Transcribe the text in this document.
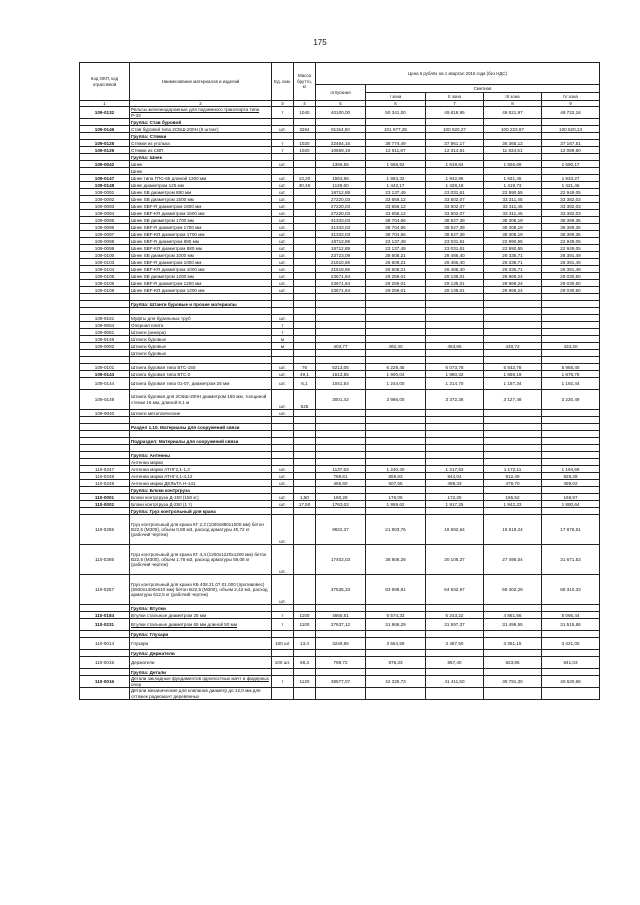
175
Код ОКП, код отраслевой	Наименование материалов и изделий	Ед. изм.	Масса брутто, кг	Цена в рублях на 1 квартал 2016 года (без НДС)				
				отпускная	Сметная			
					I зона	II зона	III зона	IV зона
1	2	3	4	5	6	7	8	9
109-0132	Рельсы железнодорожные для подземного транспорта типа Р-33	т	1040	40100,00	50 341,00	49 818,95	49 521,97	49 722,16
	Группа: Став буровой							
109-0146	Став буровой типа 2СБШ-200Н (6 штанг)	шт.	3264	81154,50	101 677,35	100 620,27	100 223,67	100 620,13
	Группа: Стяжки							
109-0125	Стяжки из уголька	т	1020	32464,16	38 774,49	37 861,17	36 365,12	37 167,51
109-0126	Стяжки из СВП	т	1020	10559,19	12 611,87	12 314,81	11 834,51	12 089,80
	Группа: Шнек							
109-0042	Шнек	шт.		1368,55	1 658,92	1 619,84	1 556,69	1 590,17
	Шнек							
109-0147	Шнек типа ГПС-65 длиной 1300 мм	шт.	13,20	1563,96	1 963,32	1 942,95	1 931,45	1 933,27
109-0148	Шнек диаметром 125 мм	шт.	30,46	1149,60	1 443,17	1 428,18	1 419,73	1 421,46
109-0091	Шнек SB диаметром 880 мм	шт.		18712,89	23 137,49	23 031,61	22 990,55	22 949,05
109-0092	Шнек SB диаметром 1500 мм	шт.		27220,03	33 656,12	33 502,07	33 311,45	33 382,03
109-0093	Шнек SBF-R диаметром 1500 мм	шт.		27220,03	33 656,12	33 502,07	33 311,45	33 382,03
109-0094	Шнек SBF-KR диаметром 1500 мм	шт.		27220,03	33 656,12	33 502,07	33 311,45	33 382,03
109-0095	Шнек SB диаметром 1700 мм	шт.		31333,03	38 704,56	38 527,39	38 308,19	38 389,36
109-0096	Шнек SBF-R диаметром 1700 мм	шт.		31333,03	38 704,56	38 527,39	38 308,19	38 389,36
109-0097	Шнек SBF-KR диаметром 1700 мм	шт.		31333,03	38 704,56	38 527,39	38 308,19	38 389,36
109-0098	Шнек SBF-R диаметром 880 мм	шт.		18712,89	23 137,49	23 031,61	22 990,55	22 949,05
109-0099	Шнек SBF-KR диаметром 880 мм	шт.		18712,89	23 137,49	23 031,61	22 990,55	22 949,05
109-0100	Шнек SB диаметром 1000 мм	шт.		23723,09	28 608,21	28 486,40	28 335,71	28 391,49
109-0103	Шнек SBF-R диаметром 1000 мм	шт.		21510,86	26 608,21	26 486,40	26 335,71	26 391,49
109-0104	Шнек SBF-KR диаметром 1000 мм	шт.		21519,86	26 608,21	26 486,40	26 335,71	26 391,49
109-0105	Шнек SB диаметром 1200 мм	шт.		23671,84	29 259,01	29 135,01	28 969,24	29 030,60
109-0106	Шнек SBF-R диаметром 1200 мм	шт.		23671,84	29 259,01	29 135,01	28 969,24	29 030,60
109-0108	Шнек SBF-KR диаметром 1200 мм	шт.		23671,84	29 259,01	29 135,01	28 969,24	29 030,60

	Группа: Штанги буровые и прочие материалы							

109-9161	Муфты для бурильных труб	шт.						
109-9054	Опорная плита	т						
109-9051	Штанги (анкера)	т						
109-9149	Штанги буровые	м						
109-0082	Штанги буровые	м		403,77	492,40	463,65	430,72	433,20
	Штанги буровые							

109-0101	Штанга буровая типа БТС-150	шт.	76	5213,05	6 228,45	6 073,78	5 842,78	5 968,40
109-0143	Штанга буровая типа БТС-2	шт.	49,1	1513,55	1 900,04	1 880,32	1 869,19	1 876,76
109-0144	Штанга буровая типа 01-07, диаметром 25 мм	шт.	6,1	1041,54	1 244,00	1 214,70	1 167,34	1 192,44
109-0149	Штанга буровая для 2СБШ-200Н диаметром 180 мм, толщиной стенки 16 мм, длиной 8,1 м	шт.	525	3001,42	3 986,00	3 372,36	3 127,48	3 220,49
109-9040	Штанги металлические	шт.						

	Раздел 1.10. Материалы для сооружений связи							

	Подраздел: Материалы для сооружений связи							

	Группа: Антенны							
	Антенна марки							
110-0247	Антенна марки АТНГ2,1-1,3	шт.		1137,63	1 240,40	1 217,63	1 172,11	1 194,69
110-0248	Антенна марки АТНГ4,1-4,12	шт.		788,61	859,83	844,04	812,49	828,28
110-0249	Антенна марки ДЕЛЬТА Н-141	шт.		465,60	507,65	498,33	479,70	489,02
	Группа: Блоки контргруза							
110-0001	Блоки контргруза Д-150 (150 кг)	шт.	1,50	160,28	176,06	172,25	165,52	168,97
110-0002	Блоки контргруза Д-250 (1 т)	шт.	17,50	1763,02	1 959,62	1 917,25	1 842,23	1 880,64
	Группа: Груз контрольный для крана							
110-0265	Груз контрольный для крана КГ 2,2 (1000х880х1000 мм) бетон В22,5 (М300), объем 0,88 м3, расход арматуры 45,72 кг (рабочий чертеж)	шт.		9822,37	21 903,76	16 592,64	15 519,24	17 876,61
110-0266	Груз контрольный для крана КГ 4,4 (1200х1220х1200 мм) бетон В22,5 (М300), объем 1,76 м3, расход арматуры 59,08 кг (рабочий чертеж)	шт.		17402,03	38 806,28	30 105,37	27 495,04	31 671,53
110-0267	Груз контрольный для крана КБ 408.21.07.01.000 (противовес) (5500х1400х610 мм) бетон В22,5 (М300), объем 2,42 м3, расход арматуры 612,5 кг (рабочий чертеж)	шт.		37535,33	83 698,81	64 932,97	59 302,29	68 310,33
	Группа: Втулки							
110-0184	Втулки стальные диаметром 25 мм	т	1100	4665,51	5 574,33	5 243,22	4 861,56	5 066,44
110-0231	Втулки стальные диаметром 65 мм длиной 50 мм	т	1100	27637,12	31 866,29	31 597,37	31 499,55	31 515,86
	Группа: Глухари							
110-0014	Глухари	100 шт	13,4	3248,86	3 564,59	3 487,50	3 351,15	3 421,00
	Группа: Держатели							
110-0015	Держатели	100 шт.	68,3	798,72	876,33	857,40	823,86	841,03
	Группа: Детали							
110-0016	Детали закладные фундаментов однопостных мачт и фидерных опор	т	1120	38577,07	42 325,73	41 411,50	39 791,30	40 620,68
	Детали механические для клапанов диаметр до 12,0 мм для оттяжек радиомачт деревянных							
